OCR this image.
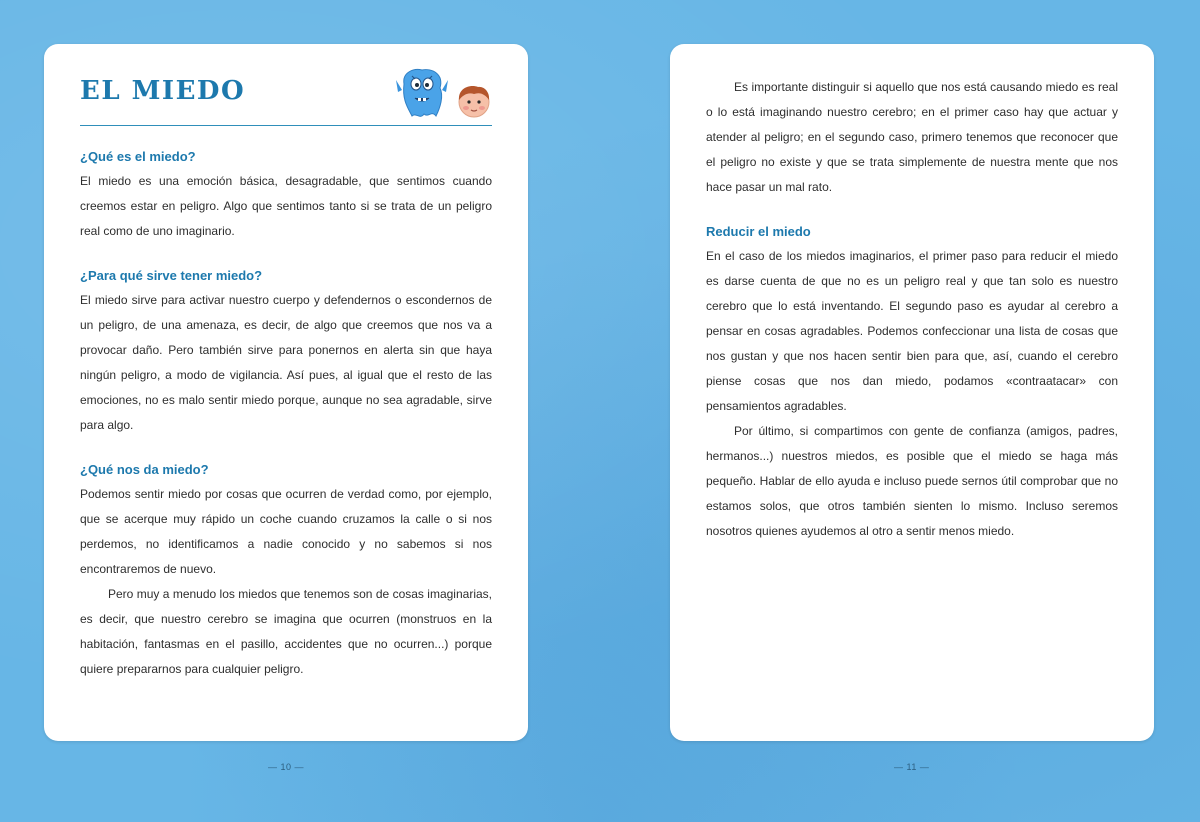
EL MIEDO
¿Qué es el miedo?

El miedo es una emoción básica, desagradable, que sentimos cuando creemos estar en peligro. Algo que sentimos tanto si se trata de un peligro real como de uno imaginario.

¿Para qué sirve tener miedo?

El miedo sirve para activar nuestro cuerpo y defendernos o escondernos de un peligro, de una amenaza, es decir, de algo que creemos que nos va a provocar daño. Pero también sirve para ponernos en alerta sin que haya ningún peligro, a modo de vigilancia. Así pues, al igual que el resto de las emociones, no es malo sentir miedo porque, aunque no sea agradable, sirve para algo.

¿Qué nos da miedo?

Podemos sentir miedo por cosas que ocurren de verdad como, por ejemplo, que se acerque muy rápido un coche cuando cruzamos la calle o si nos perdemos, no identificamos a nadie conocido y no sabemos si nos encontraremos de nuevo.

Pero muy a menudo los miedos que tenemos son de cosas imaginarias, es decir, que nuestro cerebro se imagina que ocurren (monstruos en la habitación, fantasmas en el pasillo, accidentes que no ocurren...) porque quiere prepararnos para cualquier peligro.

Es importante distinguir si aquello que nos está causando miedo es real o lo está imaginando nuestro cerebro; en el primer caso hay que actuar y atender al peligro; en el segundo caso, primero tenemos que reconocer que el peligro no existe y que se trata simplemente de nuestra mente que nos hace pasar un mal rato.

Reducir el miedo

En el caso de los miedos imaginarios, el primer paso para reducir el miedo es darse cuenta de que no es un peligro real y que tan solo es nuestro cerebro que lo está inventando. El segundo paso es ayudar al cerebro a pensar en cosas agradables. Podemos confeccionar una lista de cosas que nos gustan y que nos hacen sentir bien para que, así, cuando el cerebro piense cosas que nos dan miedo, podamos «contraatacar» con pensamientos agradables.

Por último, si compartimos con gente de confianza (amigos, padres, hermanos...) nuestros miedos, es posible que el miedo se haga más pequeño. Hablar de ello ayuda e incluso puede sernos útil comprobar que no estamos solos, que otros también sienten lo mismo. Incluso seremos nosotros quienes ayudemos al otro a sentir menos miedo.

— 10 —	— 11 —
